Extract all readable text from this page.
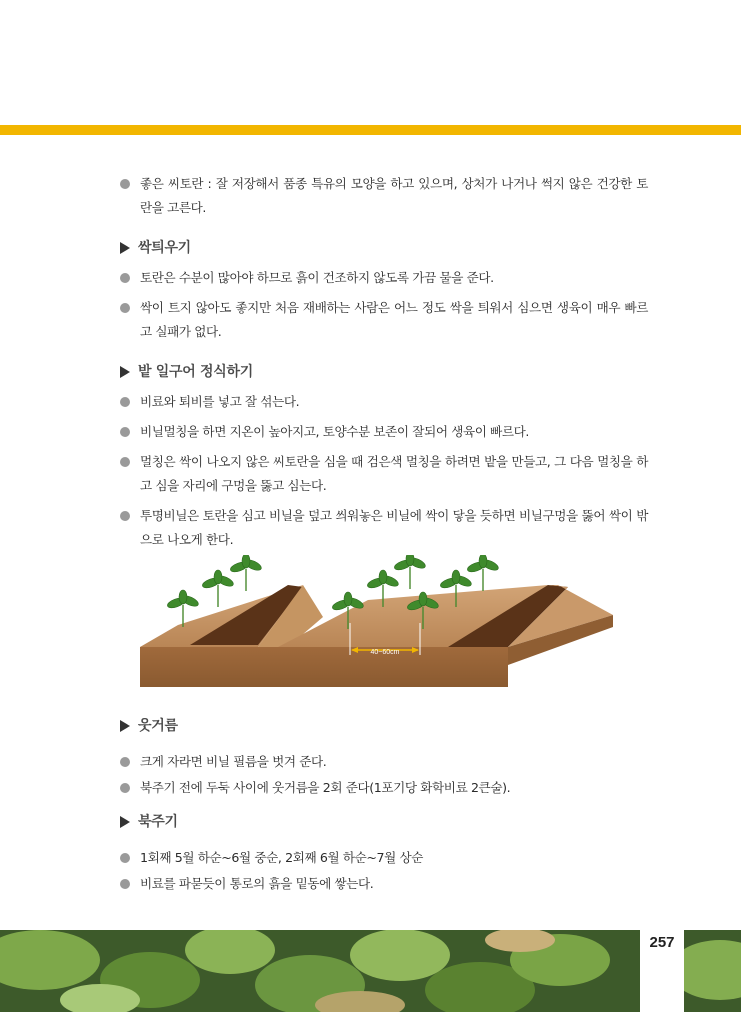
좋은 씨토란 : 잘 저장해서 품종 특유의 모양을 하고 있으며, 상처가 나거나 썩지 않은 건강한 토란을 고른다.
싹틔우기
토란은 수분이 많아야 하므로 흙이 건조하지 않도록 가끔 물을 준다.
싹이 트지 않아도 좋지만 처음 재배하는 사람은 어느 정도 싹을 틔워서 심으면 생육이 매우 빠르고 실패가 없다.
밭 일구어 정식하기
비료와 퇴비를 넣고 잘 섞는다.
비닐멀칭을 하면 지온이 높아지고, 토양수분 보존이 잘되어 생육이 빠르다.
멀칭은 싹이 나오지 않은 씨토란을 심을 때 검은색 멀칭을 하려면 밭을 만들고, 그 다음 멀칭을 하고 심을 자리에 구멍을 뚫고 심는다.
투명비닐은 토란을 심고 비닐을 덮고 씌워놓은 비닐에 싹이 닿을 듯하면 비닐구멍을 뚫어 싹이 밖으로 나오게 한다.
40~60cm
웃거름
크게 자라면 비닐 필름을 벗겨 준다.
북주기 전에 두둑 사이에 웃거름을 2회 준다(1포기당 화학비료 2큰술).
북주기
1회째 5월 하순~6월 중순, 2회째 6월 하순~7월 상순
비료를 파묻듯이 통로의 흙을 밑동에 쌓는다.
257
